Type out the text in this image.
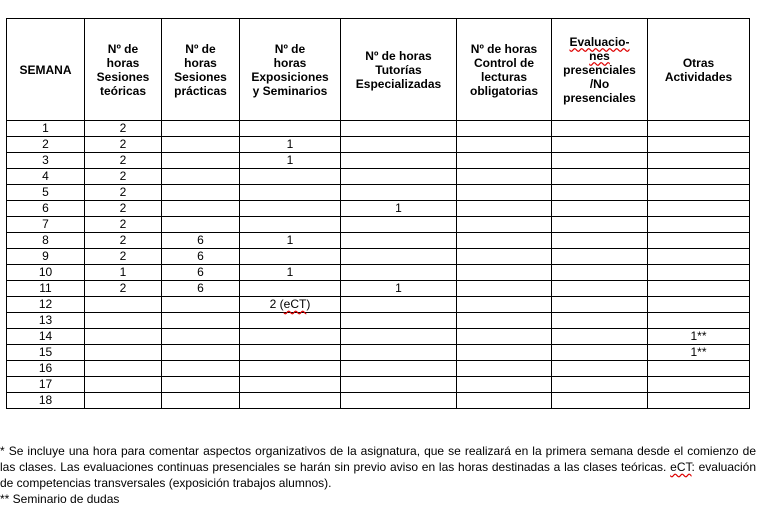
SEMANA	Nº de
horas
Sesiones
teóricas	Nº de
horas
Sesiones
prácticas	Nº de
horas
Exposiciones
y Seminarios	Nº de horas
Tutorías
Especializadas	Nº de horas
Control de
lecturas
obligatorias	Evaluacio-
nes
presenciales
/No
presenciales	Otras
Actividades
1	2						
2	2		1				
3	2		1				
4	2						
5	2						
6	2			1			
7	2						
8	2	6	1				
9	2	6					
10	1	6	1				
11	2	6		1			
12			2 (eCT)				
13							
14							1**
15							1**
16							
17							
18							

* Se incluye una hora para comentar aspectos organizativos de la asignatura, que se realizará en la primera semana desde el comienzo de las clases. Las evaluaciones continuas presenciales se harán sin previo aviso en las horas destinadas a las clases teóricas. eCT: evaluación de competencias transversales (exposición trabajos alumnos).

** Seminario de dudas
